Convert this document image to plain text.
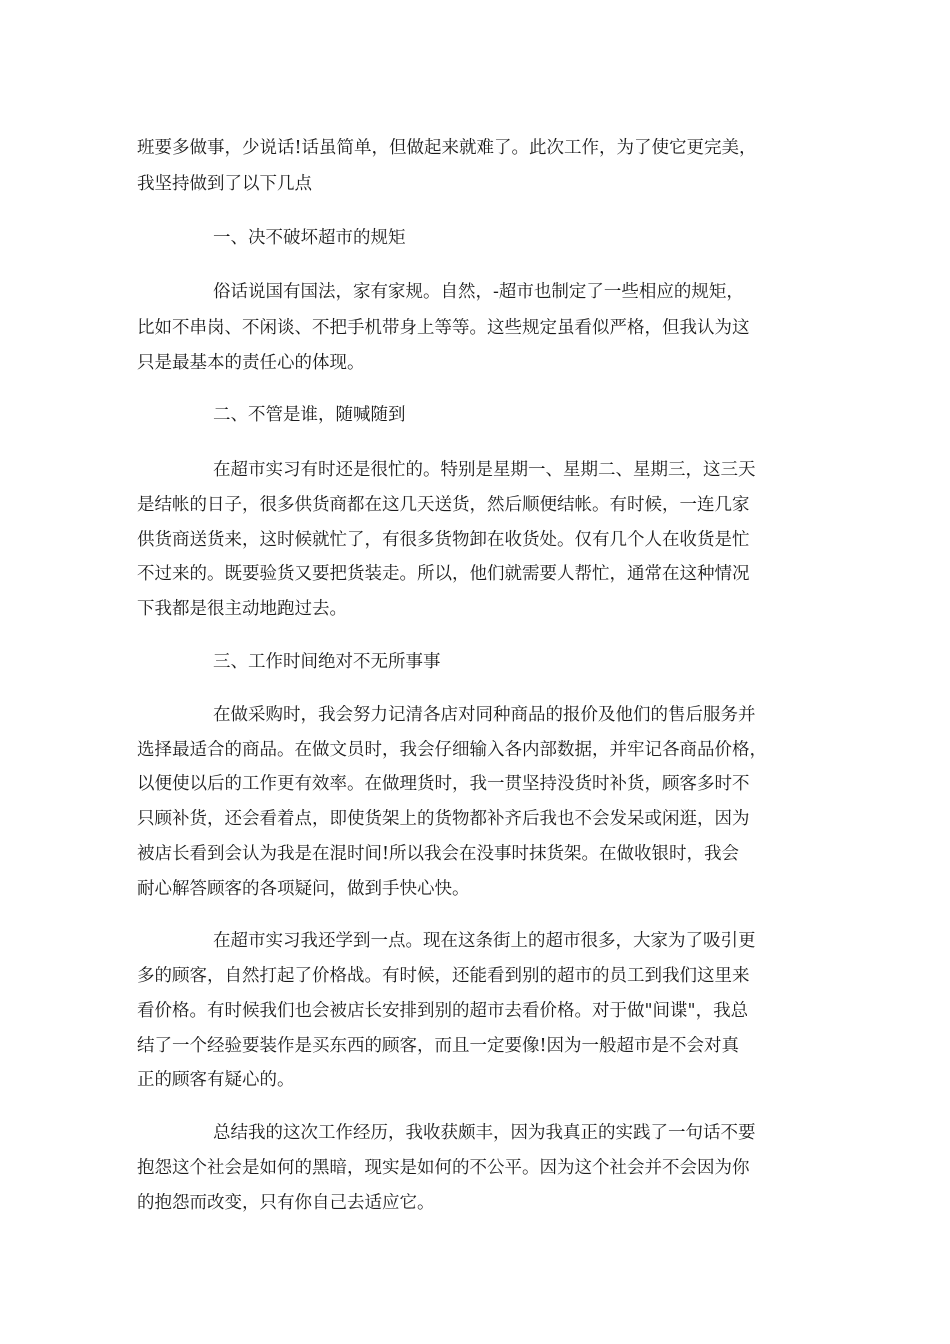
班要多做事，少说话!话虽简单，但做起来就难了。此次工作，为了使它更完美，
我坚持做到了以下几点
一、决不破坏超市的规矩
俗话说国有国法，家有家规。自然，-超市也制定了一些相应的规矩，
比如不串岗、不闲谈、不把手机带身上等等。这些规定虽看似严格，但我认为这
只是最基本的责任心的体现。
二、不管是谁，随喊随到
在超市实习有时还是很忙的。特别是星期一、星期二、星期三，这三天
是结帐的日子，很多供货商都在这几天送货，然后顺便结帐。有时候，一连几家
供货商送货来，这时候就忙了，有很多货物卸在收货处。仅有几个人在收货是忙
不过来的。既要验货又要把货装走。所以，他们就需要人帮忙，通常在这种情况
下我都是很主动地跑过去。
三、工作时间绝对不无所事事
在做采购时，我会努力记清各店对同种商品的报价及他们的售后服务并
选择最适合的商品。在做文员时，我会仔细输入各内部数据，并牢记各商品价格，
以便使以后的工作更有效率。在做理货时，我一贯坚持没货时补货，顾客多时不
只顾补货，还会看着点，即使货架上的货物都补齐后我也不会发呆或闲逛，因为
被店长看到会认为我是在混时间!所以我会在没事时抹货架。在做收银时，我会
耐心解答顾客的各项疑问，做到手快心快。
在超市实习我还学到一点。现在这条街上的超市很多，大家为了吸引更
多的顾客，自然打起了价格战。有时候，还能看到别的超市的员工到我们这里来
看价格。有时候我们也会被店长安排到别的超市去看价格。对于做"间谍"，我总
结了一个经验要装作是买东西的顾客，而且一定要像!因为一般超市是不会对真
正的顾客有疑心的。
总结我的这次工作经历，我收获颇丰，因为我真正的实践了一句话不要
抱怨这个社会是如何的黑暗，现实是如何的不公平。因为这个社会并不会因为你
的抱怨而改变，只有你自己去适应它。
